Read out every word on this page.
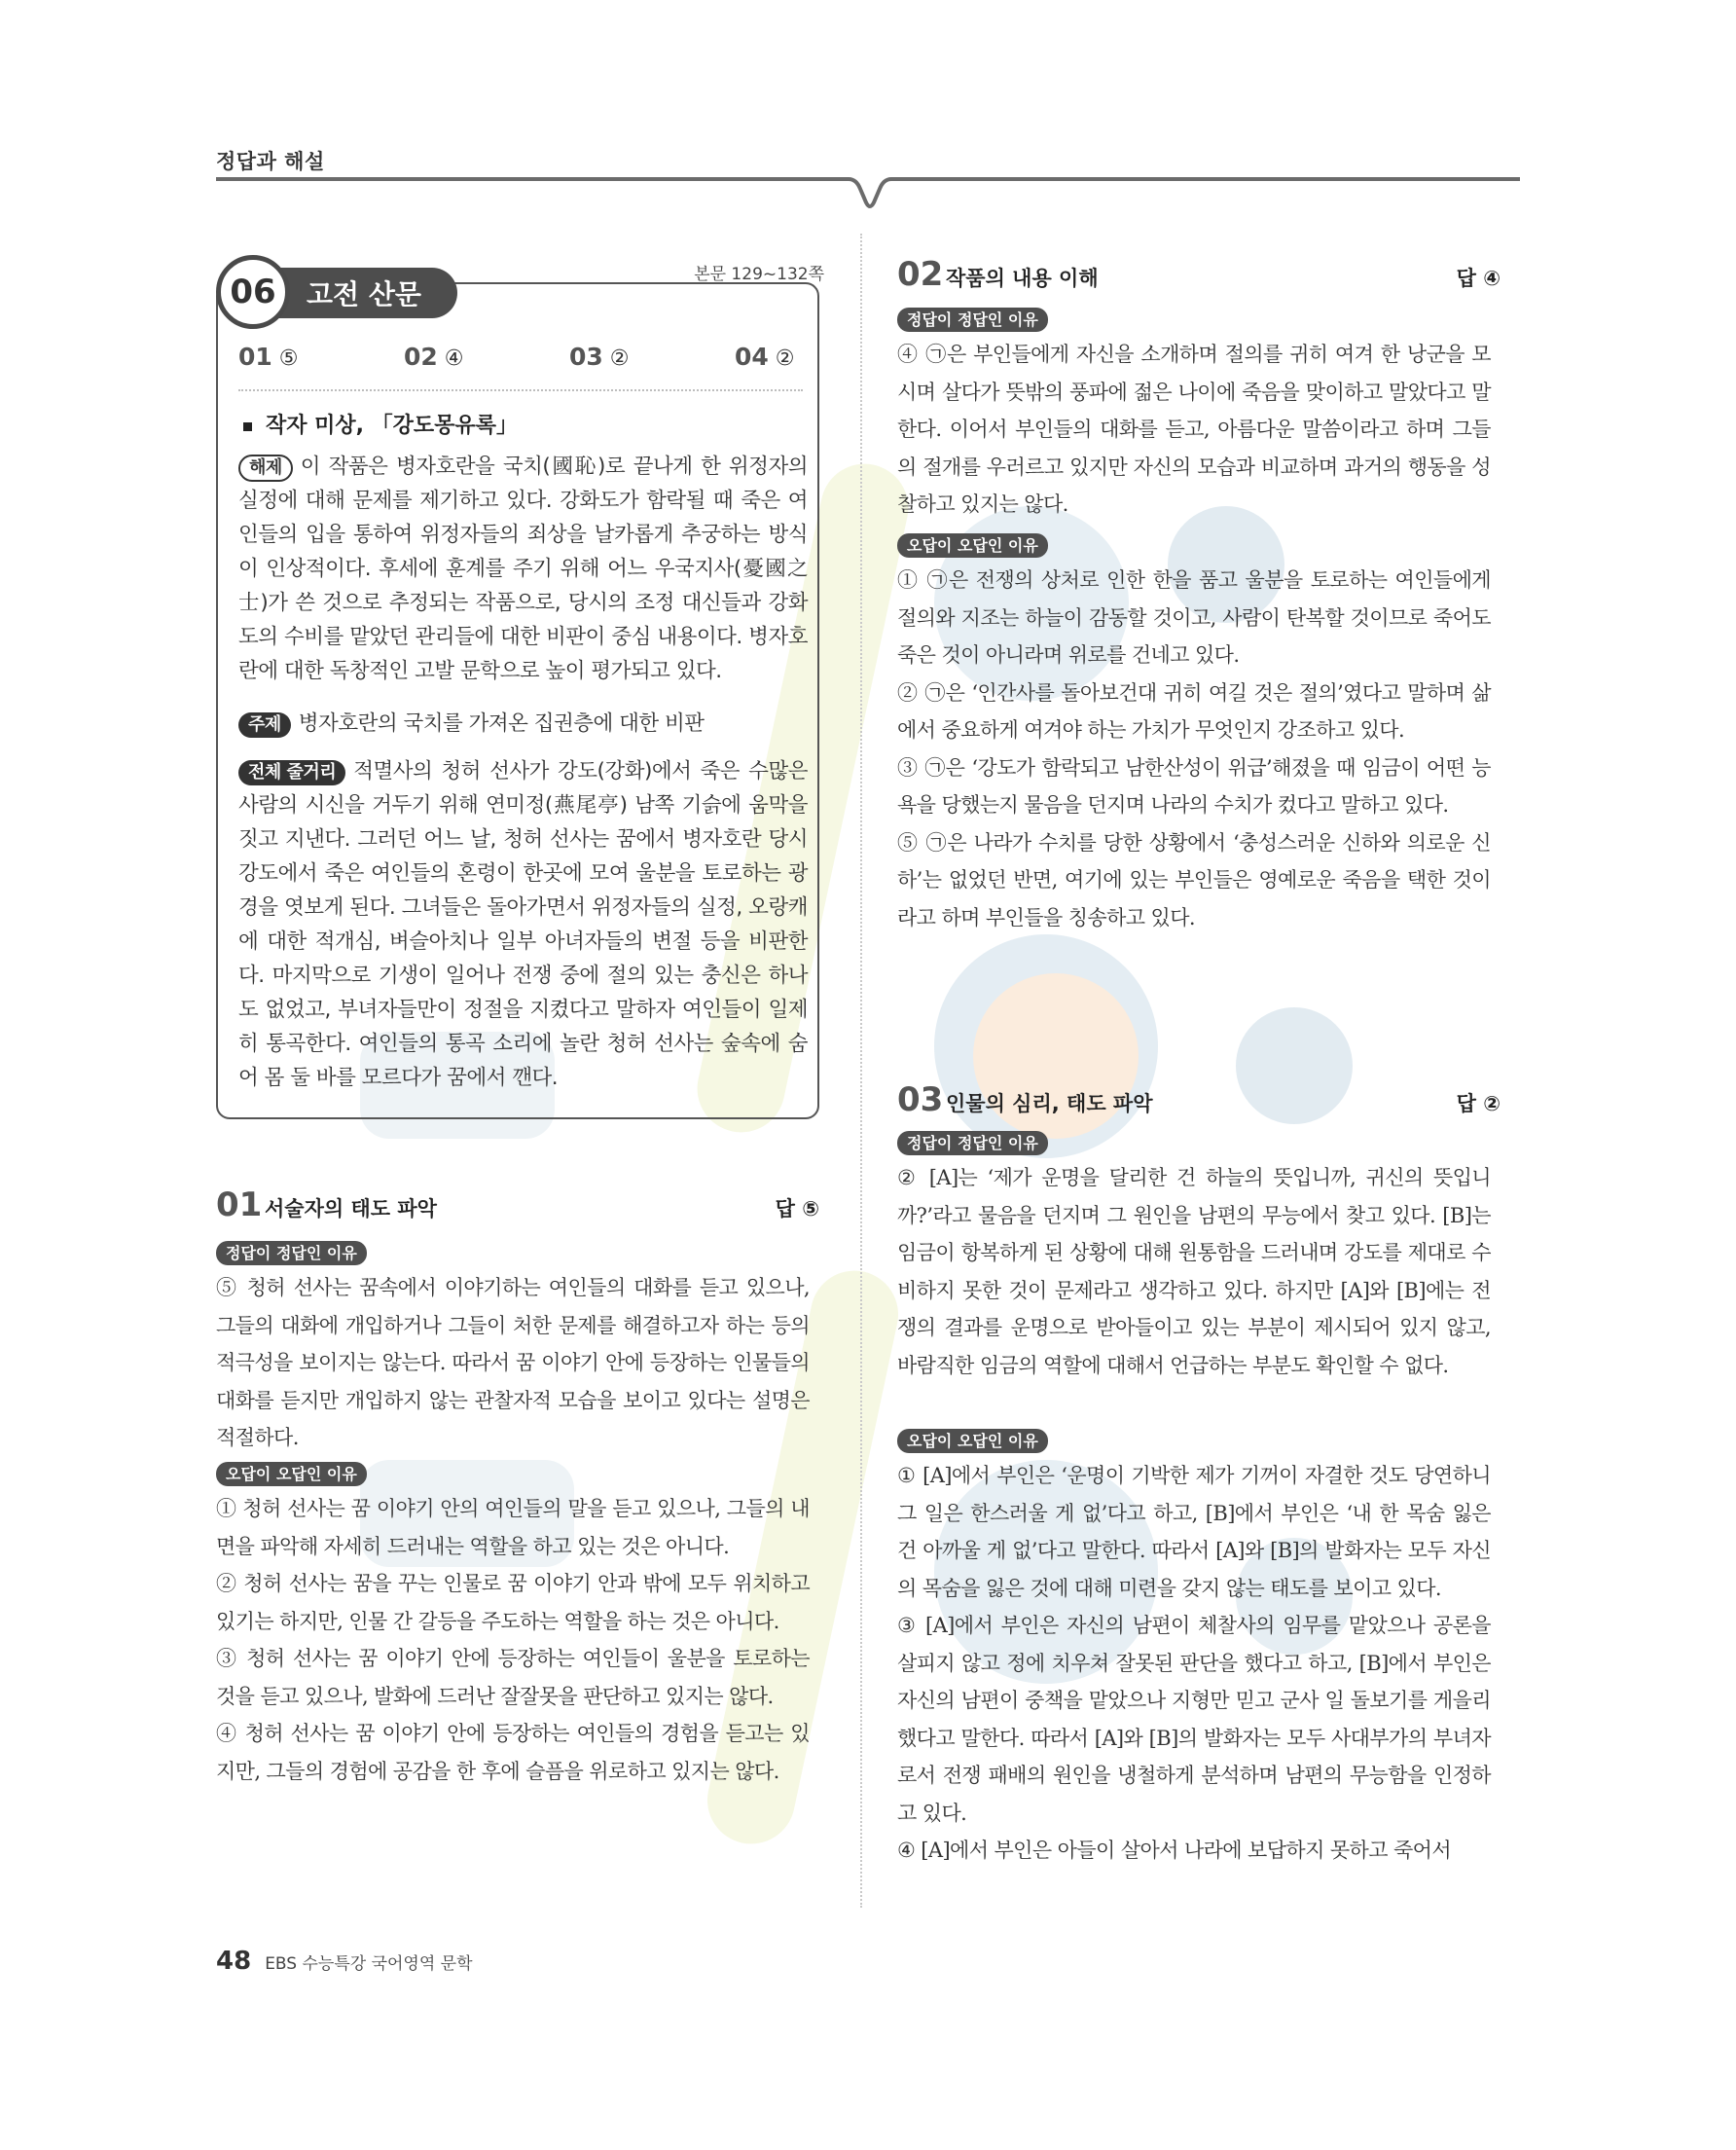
정답과 해설
고전 산문
06	본문 129~132쪽
01 ⑤	02 ④	03 ②	04 ②
작자 미상, 「강도몽유록」
해제 이 작품은 병자호란을 국치(國恥)로 끝나게 한 위정자의 실정에 대해 문제를 제기하고 있다. 강화도가 함락될 때 죽은 여인들의 입을 통하여 위정자들의 죄상을 날카롭게 추궁하는 방식이 인상적이다. 후세에 훈계를 주기 위해 어느 우국지사(憂國之士)가 쓴 것으로 추정되는 작품으로, 당시의 조정 대신들과 강화도의 수비를 맡았던 관리들에 대한 비판이 중심 내용이다. 병자호란에 대한 독창적인 고발 문학으로 높이 평가되고 있다.
주제 병자호란의 국치를 가져온 집권층에 대한 비판
전체 줄거리 적멸사의 청허 선사가 강도(강화)에서 죽은 수많은 사람의 시신을 거두기 위해 연미정(燕尾亭) 남쪽 기슭에 움막을 짓고 지낸다. 그러던 어느 날, 청허 선사는 꿈에서 병자호란 당시 강도에서 죽은 여인들의 혼령이 한곳에 모여 울분을 토로하는 광경을 엿보게 된다. 그녀들은 돌아가면서 위정자들의 실정, 오랑캐에 대한 적개심, 벼슬아치나 일부 아녀자들의 변절 등을 비판한다. 마지막으로 기생이 일어나 전쟁 중에 절의 있는 충신은 하나도 없었고, 부녀자들만이 정절을 지켰다고 말하자 여인들이 일제히 통곡한다. 여인들의 통곡 소리에 놀란 청허 선사는 숲속에 숨어 몸 둘 바를 모르다가 꿈에서 깬다.
01 서술자의 태도 파악	답 ⑤
정답이 정답인 이유

⑤ 청허 선사는 꿈속에서 이야기하는 여인들의 대화를 듣고 있으나, 그들의 대화에 개입하거나 그들이 처한 문제를 해결하고자 하는 등의 적극성을 보이지는 않는다. 따라서 꿈 이야기 안에 등장하는 인물들의 대화를 듣지만 개입하지 않는 관찰자적 모습을 보이고 있다는 설명은 적절하다.

오답이 오답인 이유

① 청허 선사는 꿈 이야기 안의 여인들의 말을 듣고 있으나, 그들의 내면을 파악해 자세히 드러내는 역할을 하고 있는 것은 아니다.

② 청허 선사는 꿈을 꾸는 인물로 꿈 이야기 안과 밖에 모두 위치하고 있기는 하지만, 인물 간 갈등을 주도하는 역할을 하는 것은 아니다.

③ 청허 선사는 꿈 이야기 안에 등장하는 여인들이 울분을 토로하는 것을 듣고 있으나, 발화에 드러난 잘잘못을 판단하고 있지는 않다.

④ 청허 선사는 꿈 이야기 안에 등장하는 여인들의 경험을 듣고는 있지만, 그들의 경험에 공감을 한 후에 슬픔을 위로하고 있지는 않다.

02 작품의 내용 이해	답 ④
정답이 정답인 이유

④ ㉠은 부인들에게 자신을 소개하며 절의를 귀히 여겨 한 낭군을 모시며 살다가 뜻밖의 풍파에 젊은 나이에 죽음을 맞이하고 말았다고 말한다. 이어서 부인들의 대화를 듣고, 아름다운 말씀이라고 하며 그들의 절개를 우러르고 있지만 자신의 모습과 비교하며 과거의 행동을 성찰하고 있지는 않다.

오답이 오답인 이유

① ㉠은 전쟁의 상처로 인한 한을 품고 울분을 토로하는 여인들에게 절의와 지조는 하늘이 감동할 것이고, 사람이 탄복할 것이므로 죽어도 죽은 것이 아니라며 위로를 건네고 있다.

② ㉠은 ‘인간사를 돌아보건대 귀히 여길 것은 절의’였다고 말하며 삶에서 중요하게 여겨야 하는 가치가 무엇인지 강조하고 있다.

③ ㉠은 ‘강도가 함락되고 남한산성이 위급’해졌을 때 임금이 어떤 능욕을 당했는지 물음을 던지며 나라의 수치가 컸다고 말하고 있다.

⑤ ㉠은 나라가 수치를 당한 상황에서 ‘충성스러운 신하와 의로운 신하’는 없었던 반면, 여기에 있는 부인들은 영예로운 죽음을 택한 것이라고 하며 부인들을 칭송하고 있다.

03 인물의 심리, 태도 파악	답 ②
정답이 정답인 이유

② [A]는 ‘제가 운명을 달리한 건 하늘의 뜻입니까, 귀신의 뜻입니까?’라고 물음을 던지며 그 원인을 남편의 무능에서 찾고 있다. [B]는 임금이 항복하게 된 상황에 대해 원통함을 드러내며 강도를 제대로 수비하지 못한 것이 문제라고 생각하고 있다. 하지만 [A]와 [B]에는 전쟁의 결과를 운명으로 받아들이고 있는 부분이 제시되어 있지 않고, 바람직한 임금의 역할에 대해서 언급하는 부분도 확인할 수 없다.

오답이 오답인 이유

① [A]에서 부인은 ‘운명이 기박한 제가 기꺼이 자결한 것도 당연하니 그 일은 한스러울 게 없’다고 하고, [B]에서 부인은 ‘내 한 목숨 잃은 건 아까울 게 없’다고 말한다. 따라서 [A]와 [B]의 발화자는 모두 자신의 목숨을 잃은 것에 대해 미련을 갖지 않는 태도를 보이고 있다.

③ [A]에서 부인은 자신의 남편이 체찰사의 임무를 맡았으나 공론을 살피지 않고 정에 치우쳐 잘못된 판단을 했다고 하고, [B]에서 부인은 자신의 남편이 중책을 맡았으나 지형만 믿고 군사 일 돌보기를 게을리했다고 말한다. 따라서 [A]와 [B]의 발화자는 모두 사대부가의 부녀자로서 전쟁 패배의 원인을 냉철하게 분석하며 남편의 무능함을 인정하고 있다.

④ [A]에서 부인은 아들이 살아서 나라에 보답하지 못하고 죽어서

48 EBS 수능특강 국어영역 문학
